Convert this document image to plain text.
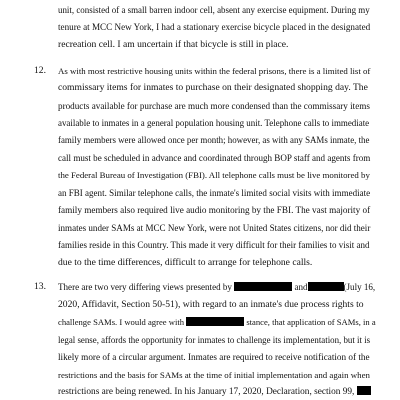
unit, consisted of a small barren indoor cell, absent any exercise equipment. During my
tenure at MCC New York, I had a stationary exercise bicycle placed in the designated
recreation cell. I am uncertain if that bicycle is still in place.
12. As with most restrictive housing units within the federal prisons, there is a limited list of
commissary items for inmates to purchase on their designated shopping day. The
products available for purchase are much more condensed than the commissary items
available to inmates in a general population housing unit. Telephone calls to immediate
family members were allowed once per month; however, as with any SAMs inmate, the
call must be scheduled in advance and coordinated through BOP staff and agents from
the Federal Bureau of Investigation (FBI). All telephone calls must be live monitored by
an FBI agent. Similar telephone calls, the inmate's limited social visits with immediate
family members also required live audio monitoring by the FBI. The vast majority of
inmates under SAMs at MCC New York, were not United States citizens, nor did their
families reside in this Country. This made it very difficult for their families to visit and
due to the time differences, difficult to arrange for telephone calls.
13. There are two very differing views presented by	and	(July 16,
2020, Affidavit, Section 50-51), with regard to an inmate's due process rights to
challenge SAMs. I would agree with	stance, that application of SAMs, in a
legal sense, affords the opportunity for inmates to challenge its implementation, but it is
likely more of a circular argument. Inmates are required to receive notification of the
restrictions and the basis for SAMs at the time of initial implementation and again when
restrictions are being renewed. In his January 17, 2020, Declaration, section 99,
